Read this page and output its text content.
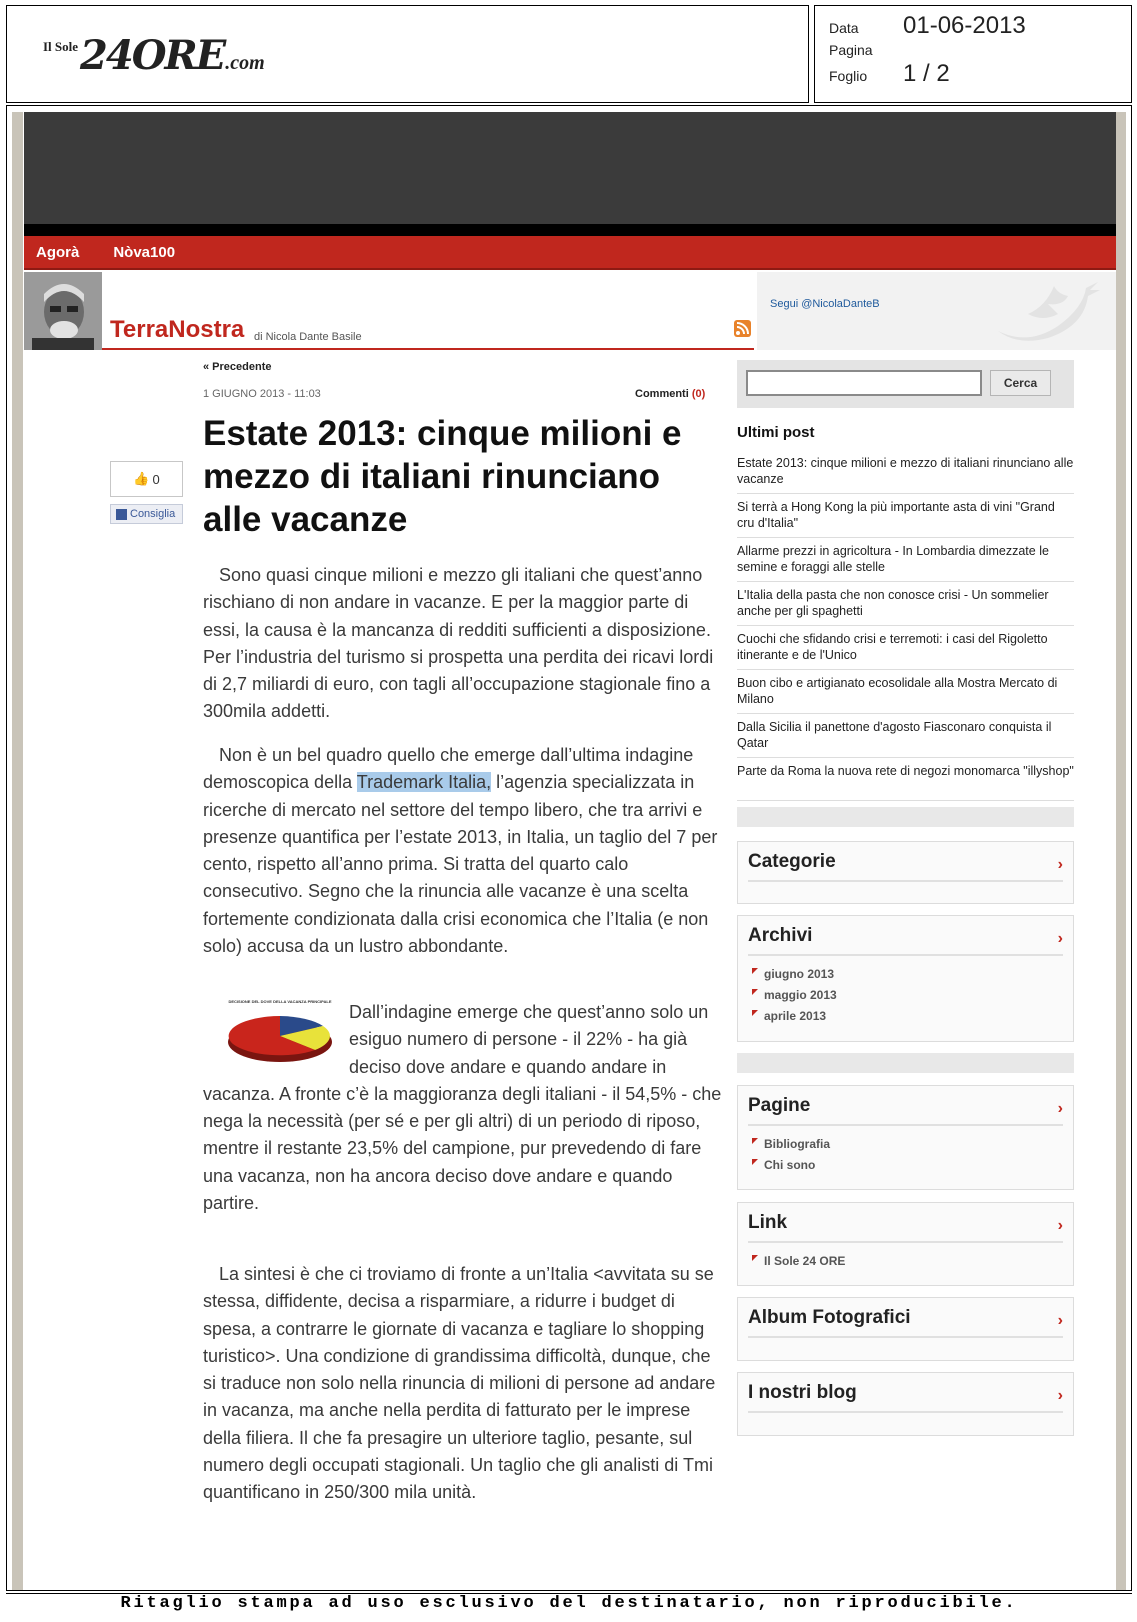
Il Sole 24ORE .com
Data	01-06-2013
Pagina
Foglio	1 / 2
Agorà Nòva100
TerraNostra di Nicola Dante Basile
Segui @NicolaDanteB
« Precedente
1 GIUGNO 2013 - 11:03	Commenti (0)
Estate 2013: cinque milioni e mezzo di italiani rinunciano alle vacanze
👍 0
Consiglia

Sono quasi cinque milioni e mezzo gli italiani che quest’anno rischiano di non andare in vacanze. E per la maggior parte di essi, la causa è la mancanza di redditi sufficienti a disposizione. Per l’industria del turismo si prospetta una perdita dei ricavi lordi di 2,7 miliardi di euro, con tagli all’occupazione stagionale fino a 300mila addetti.

Non è un bel quadro quello che emerge dall’ultima indagine demoscopica della Trademark Italia, l’agenzia specializzata in ricerche di mercato nel settore del tempo libero, che tra arrivi e presenze quantifica per l’estate 2013, in Italia, un taglio del 7 per cento, rispetto all’anno prima. Si tratta del quarto calo consecutivo. Segno che la rinuncia alle vacanze è una scelta fortemente condizionata dalla crisi economica che l’Italia (e non solo) accusa da un lustro abbondante.

DECISIONE DEL DOVE DELLA VACANZA PRINCIPALE

Dall’indagine emerge che quest’anno solo un esiguo numero di persone - il 22% - ha già deciso dove andare e quando andare in vacanza. A fronte c’è la maggioranza degli italiani - il 54,5% - che nega la necessità (per sé e per gli altri) di un periodo di riposo, mentre il restante 23,5% del campione, pur prevedendo di fare una vacanza, non ha ancora deciso dove andare e quando partire.

La sintesi è che ci troviamo di fronte a un’Italia <avvitata su se stessa, diffidente, decisa a risparmiare, a ridurre i budget di spesa, a contrarre le giornate di vacanza e tagliare lo shopping turistico>. Una condizione di grandissima difficoltà, dunque, che si traduce non solo nella rinuncia di milioni di persone ad andare in vacanza, ma anche nella perdita di fatturato per le imprese della filiera. Il che fa presagire un ulteriore taglio, pesante, sul numero degli occupati stagionali. Un taglio che gli analisti di Tmi quantificano in 250/300 mila unità.

Cerca
Ultimi post
Estate 2013: cinque milioni e mezzo di italiani rinunciano alle vacanze
Si terrà a Hong Kong la più importante asta di vini "Grand cru d'Italia"
Allarme prezzi in agricoltura - In Lombardia dimezzate le semine e foraggi alle stelle
L'Italia della pasta che non conosce crisi - Un sommelier anche per gli spaghetti
Cuochi che sfidando crisi e terremoti: i casi del Rigoletto itinerante e de l'Unico
Buon cibo e artigianato ecosolidale alla Mostra Mercato di Milano
Dalla Sicilia il panettone d'agosto Fiasconaro conquista il Qatar
Parte da Roma la nuova rete di negozi monomarca "illyshop"
Categorie	›
Archivi	›
giugno 2013
maggio 2013
aprile 2013
Pagine	›
Bibliografia
Chi sono
Link	›
Il Sole 24 ORE
Album Fotografici	›
I nostri blog	›
Ritaglio stampa ad uso esclusivo del destinatario, non riproducibile.
